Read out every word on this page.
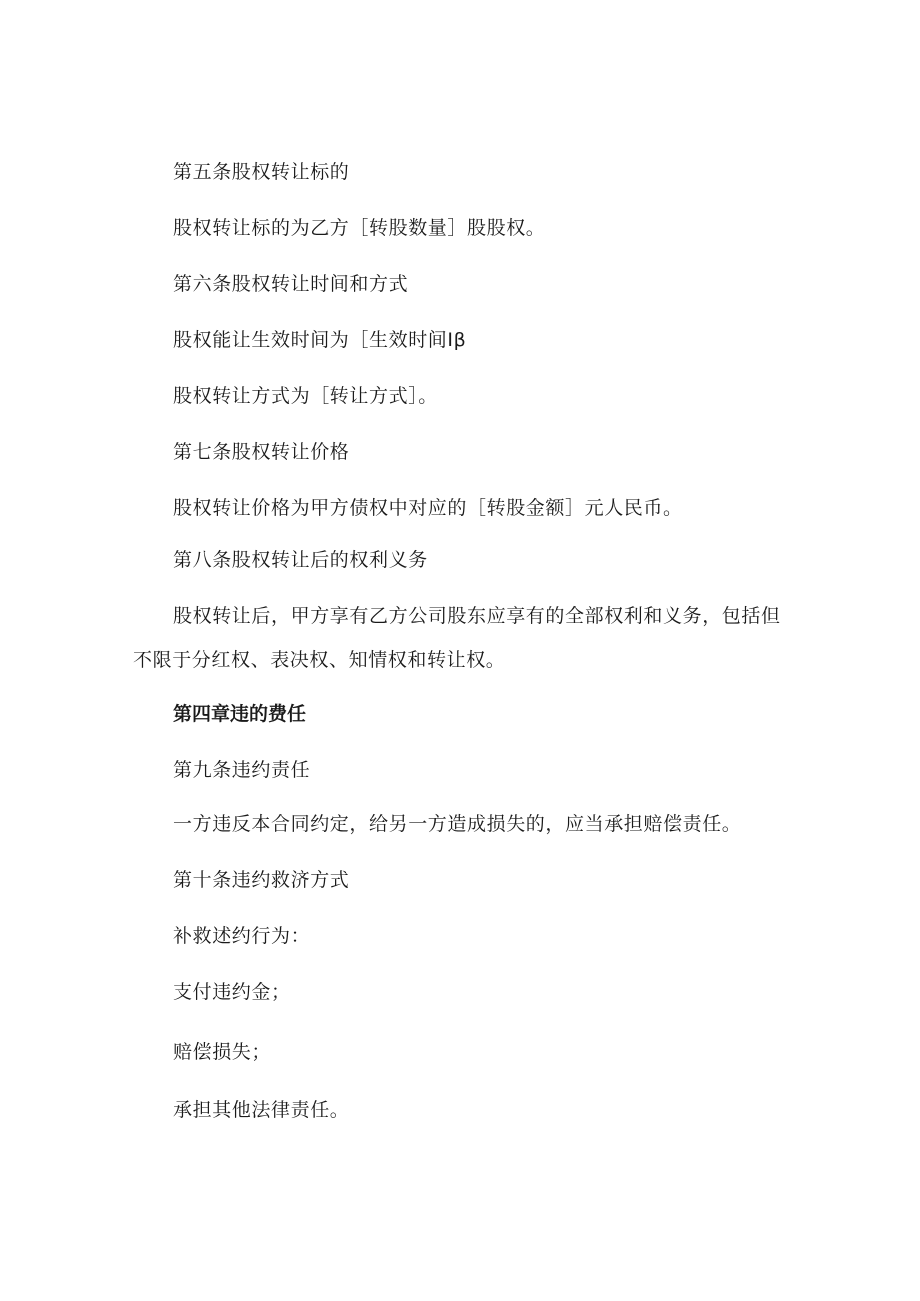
第五条股权转让标的
股权转让标的为乙方［转股数量］股股权。
第六条股权转让时间和方式
股权能让生效时间为［生效时间Iβ
股权转让方式为［转让方式］。
第七条股权转让价格
股权转让价格为甲方债权中对应的［转股金额］元人民币。
第八条股权转让后的权利义务
股权转让后，甲方享有乙方公司股东应享有的全部权利和义务，包括但不限于分红权、表决权、知情权和转让权。
第四章违的费任
第九条违约责任
一方违反本合同约定，给另一方造成损失的，应当承担赔偿责任。
第十条违约救济方式
补救述约行为：
支付违约金；
赔偿损失；
承担其他法律责任。
